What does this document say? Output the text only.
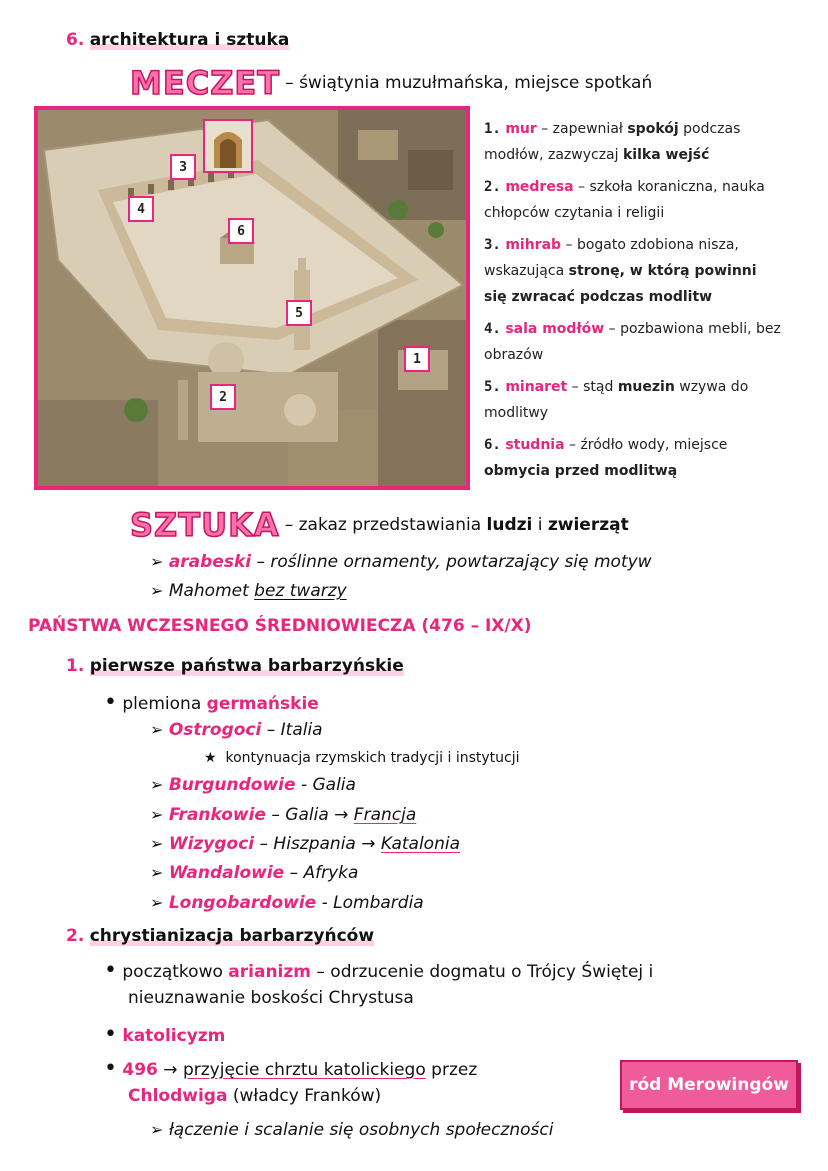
6. architektura i sztuka
MECZET – świątynia muzułmańska, miejsce spotkań
1
2
3
4
6
5
1. mur – zapewniał spokój podczas modłów, zazwyczaj kilka wejść
2. medresa – szkoła koraniczna, nauka chłopców czytania i religii
3. mihrab – bogato zdobiona nisza, wskazująca stronę, w którą powinni się zwracać podczas modlitw
4. sala modłów – pozbawiona mebli, bez obrazów
5. minaret – stąd muezin wzywa do modlitwy
6. studnia – źródło wody, miejsce obmycia przed modlitwą
SZTUKA – zakaz przedstawiania ludzi i zwierząt
➢ arabeski – roślinne ornamenty, powtarzający się motyw
➢ Mahomet bez twarzy
PAŃSTWA WCZESNEGO ŚREDNIOWIECZA (476 – IX/X)
1. pierwsze państwa barbarzyńskie
• plemiona germańskie
➢ Ostrogoci – Italia
★ kontynuacja rzymskich tradycji i instytucji
➢ Burgundowie - Galia
➢ Frankowie – Galia → Francja
➢ Wizygoci – Hiszpania → Katalonia
➢ Wandalowie – Afryka
➢ Longobardowie - Lombardia
2. chrystianizacja barbarzyńców
• początkowo arianizm – odrzucenie dogmatu o Trójcy Świętej i
nieuznawanie boskości Chrystusa
• katolicyzm
• 496 → przyjęcie chrztu katolickiego przez
Chlodwiga (władcy Franków)
➢ łączenie i scalanie się osobnych społeczności
ród Merowingów
